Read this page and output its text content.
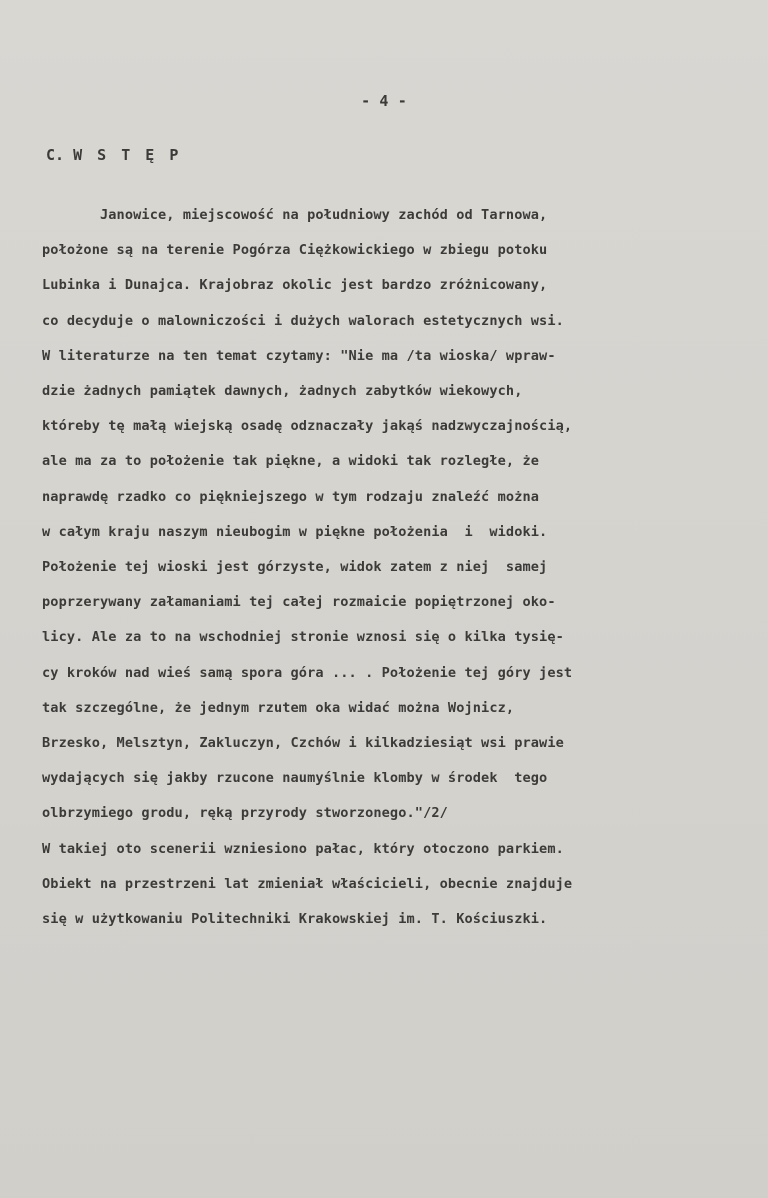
- 4 -
C. W S T Ę P
Janowice, miejscowość na południowy zachód od Tarnowa,
położone są na terenie Pogórza Ciężkowickiego w zbiegu potoku
Lubinka i Dunajca. Krajobraz okolic jest bardzo zróżnicowany,
co decyduje o malowniczości i dużych walorach estetycznych wsi.
W literaturze na ten temat czytamy: "Nie ma /ta wioska/ wpraw-
dzie żadnych pamiątek dawnych, żadnych zabytków wiekowych,
któreby tę małą wiejską osadę odznaczały jakąś nadzwyczajnością,
ale ma za to położenie tak piękne, a widoki tak rozległe, że
naprawdę rzadko co piękniejszego w tym rodzaju znaleźć można
w całym kraju naszym nieubogim w piękne położenia  i  widoki.
Położenie tej wioski jest górzyste, widok zatem z niej  samej
poprzerywany załamaniami tej całej rozmaicie popiętrzonej oko-
licy. Ale za to na wschodniej stronie wznosi się o kilka tysię-
cy kroków nad wieś samą spora góra ... . Położenie tej góry jest
tak szczególne, że jednym rzutem oka widać można Wojnicz,
Brzesko, Melsztyn, Zakluczyn, Czchów i kilkadziesiąt wsi prawie
wydających się jakby rzucone naumyślnie klomby w środek  tego
olbrzymiego grodu, ręką przyrody stworzonego."/2/
W takiej oto scenerii wzniesiono pałac, który otoczono parkiem.
Obiekt na przestrzeni lat zmieniał właścicieli, obecnie znajduje
się w użytkowaniu Politechniki Krakowskiej im. T. Kościuszki.
